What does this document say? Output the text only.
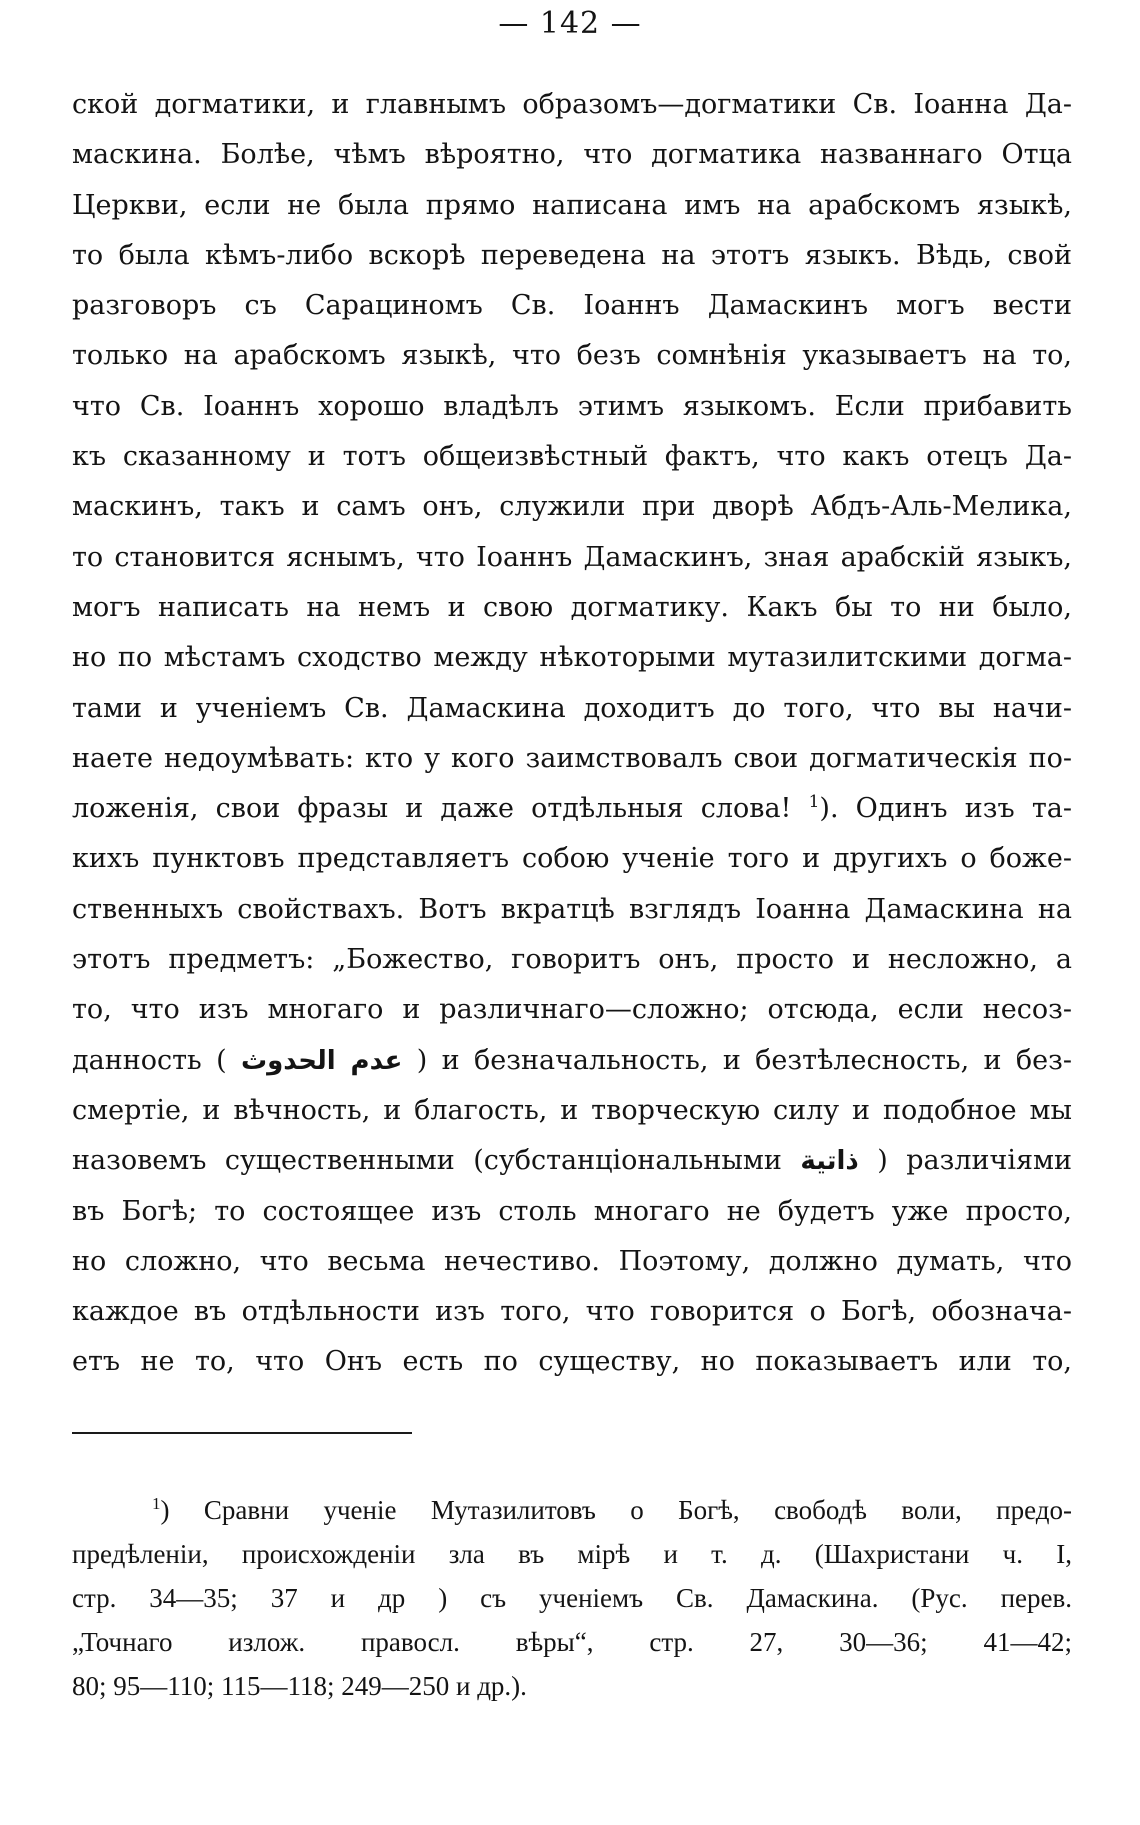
— 142 —
ской догматики, и главнымъ образомъ—догматики Св. Іоанна Да-
маскина. Болѣе, чѣмъ вѣроятно, что догматика названнаго Отца
Церкви, если не была прямо написана имъ на арабскомъ языкѣ,
то была кѣмъ-либо вскорѣ переведена на этотъ языкъ. Вѣдь, свой
разговоръ съ Сарациномъ Св. Іоаннъ Дамаскинъ могъ вести
только на арабскомъ языкѣ, что безъ сомнѣнія указываетъ на то,
что Св. Іоаннъ хорошо владѣлъ этимъ языкомъ. Если прибавить
къ сказанному и тотъ общеизвѣстный фактъ, что какъ отецъ Да-
маскинъ, такъ и самъ онъ, служили при дворѣ Абдъ-Аль-Мелика,
то становится яснымъ, что Іоаннъ Дамаскинъ, зная арабскій языкъ,
могъ написать на немъ и свою догматику. Какъ бы то ни было,
но по мѣстамъ сходство между нѣкоторыми мутазилитскими догма-
тами и ученіемъ Св. Дамаскина доходитъ до того, что вы начи-
наете недоумѣвать: кто у кого заимствовалъ свои догматическія по-
ложенія, свои фразы и даже отдѣльныя слова! $^1$). Одинъ изъ та-
кихъ пунктовъ представляетъ собою ученіе того и другихъ о боже-
ственныхъ свойствахъ. Вотъ вкратцѣ взглядъ Іоанна Дамаскина на
этотъ предметъ: „Божество, говоритъ онъ, просто и несложно, а
то, что изъ многаго и различнаго—сложно; отсюда, если несоз-
данность ( عدم الحدوث ) и безначальность, и безтѣлесность, и без-
смертіе, и вѣчность, и благость, и творческую силу и подобное мы
назовемъ существенными (субстанціональными ذاتية ) различіями
въ Богѣ; то состоящее изъ столь многаго не будетъ уже просто,
но сложно, что весьма нечестиво. Поэтому, должно думать, что
каждое въ отдѣльности изъ того, что говорится о Богѣ, обознача-
етъ не то, что Онъ есть по существу, но показываетъ или то,
$^1$) Сравни ученіе Мутазилитовъ о Богѣ, свободѣ воли, предо-
предѣленіи, происхожденіи зла въ мірѣ и т. д. (Шахристани ч. I,
стр. 34—35; 37 и др ) съ ученіемъ Св. Дамаскина. (Рус. перев.
„Точнаго излож. правосл. вѣры“, стр. 27, 30—36; 41—42;
80; 95—110; 115—118; 249—250 и др.).
